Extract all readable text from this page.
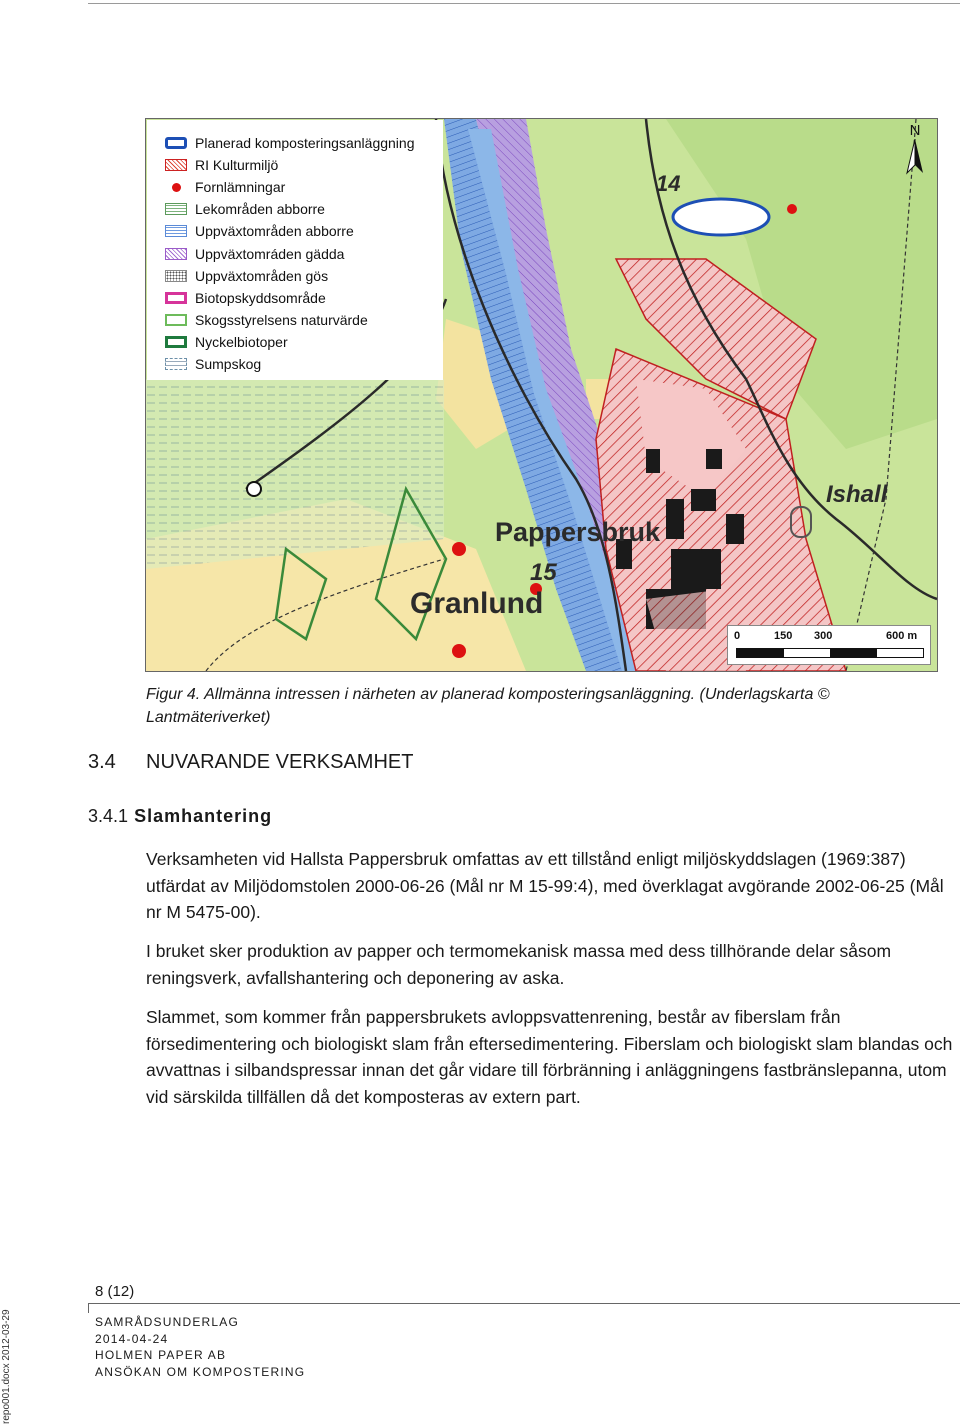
Planerad komposteringsanläggning
RI Kulturmiljö
Fornlämningar
Lekområden abborre
Uppväxtområden abborre
Uppväxtomráden gädda
Uppväxtområden gös
Biotopskyddsområde
Skogsstyrelsens naturvärde
Nyckelbiotoper
Sumpskog
14
Pappersbruk
15
Granlund
Ishall
N
0	150 300	600 m
Figur 4. Allmänna intressen i närheten av planerad komposteringsanläggning. (Underlagskarta © Lantmäteriverket)
3.4 NUVARANDE VERKSAMHET
3.4.1 Slamhantering
Verksamheten vid Hallsta Pappersbruk omfattas av ett tillstånd enligt miljöskyddslagen (1969:387) utfärdat av Miljödomstolen 2000-06-26 (Mål nr M 15-99:4), med överklagat avgörande 2002-06-25 (Mål nr M 5475-00).
I bruket sker produktion av papper och termomekanisk massa med dess tillhörande delar såsom reningsverk, avfallshantering och deponering av aska.
Slammet, som kommer från pappersbrukets avloppsvattenrening, består av fiberslam från försedimentering och biologiskt slam från eftersedimentering. Fiberslam och biologiskt slam blandas och avvattnas i silbandspressar innan det går vidare till förbränning i anläggningens fastbränslepanna, utom vid särskilda tillfällen då det komposteras av extern part.
8 (12)
SAMRÅDSUNDERLAG
2014-04-24
HOLMEN PAPER AB
ANSÖKAN OM KOMPOSTERING
repo001.docx 2012-03-29
